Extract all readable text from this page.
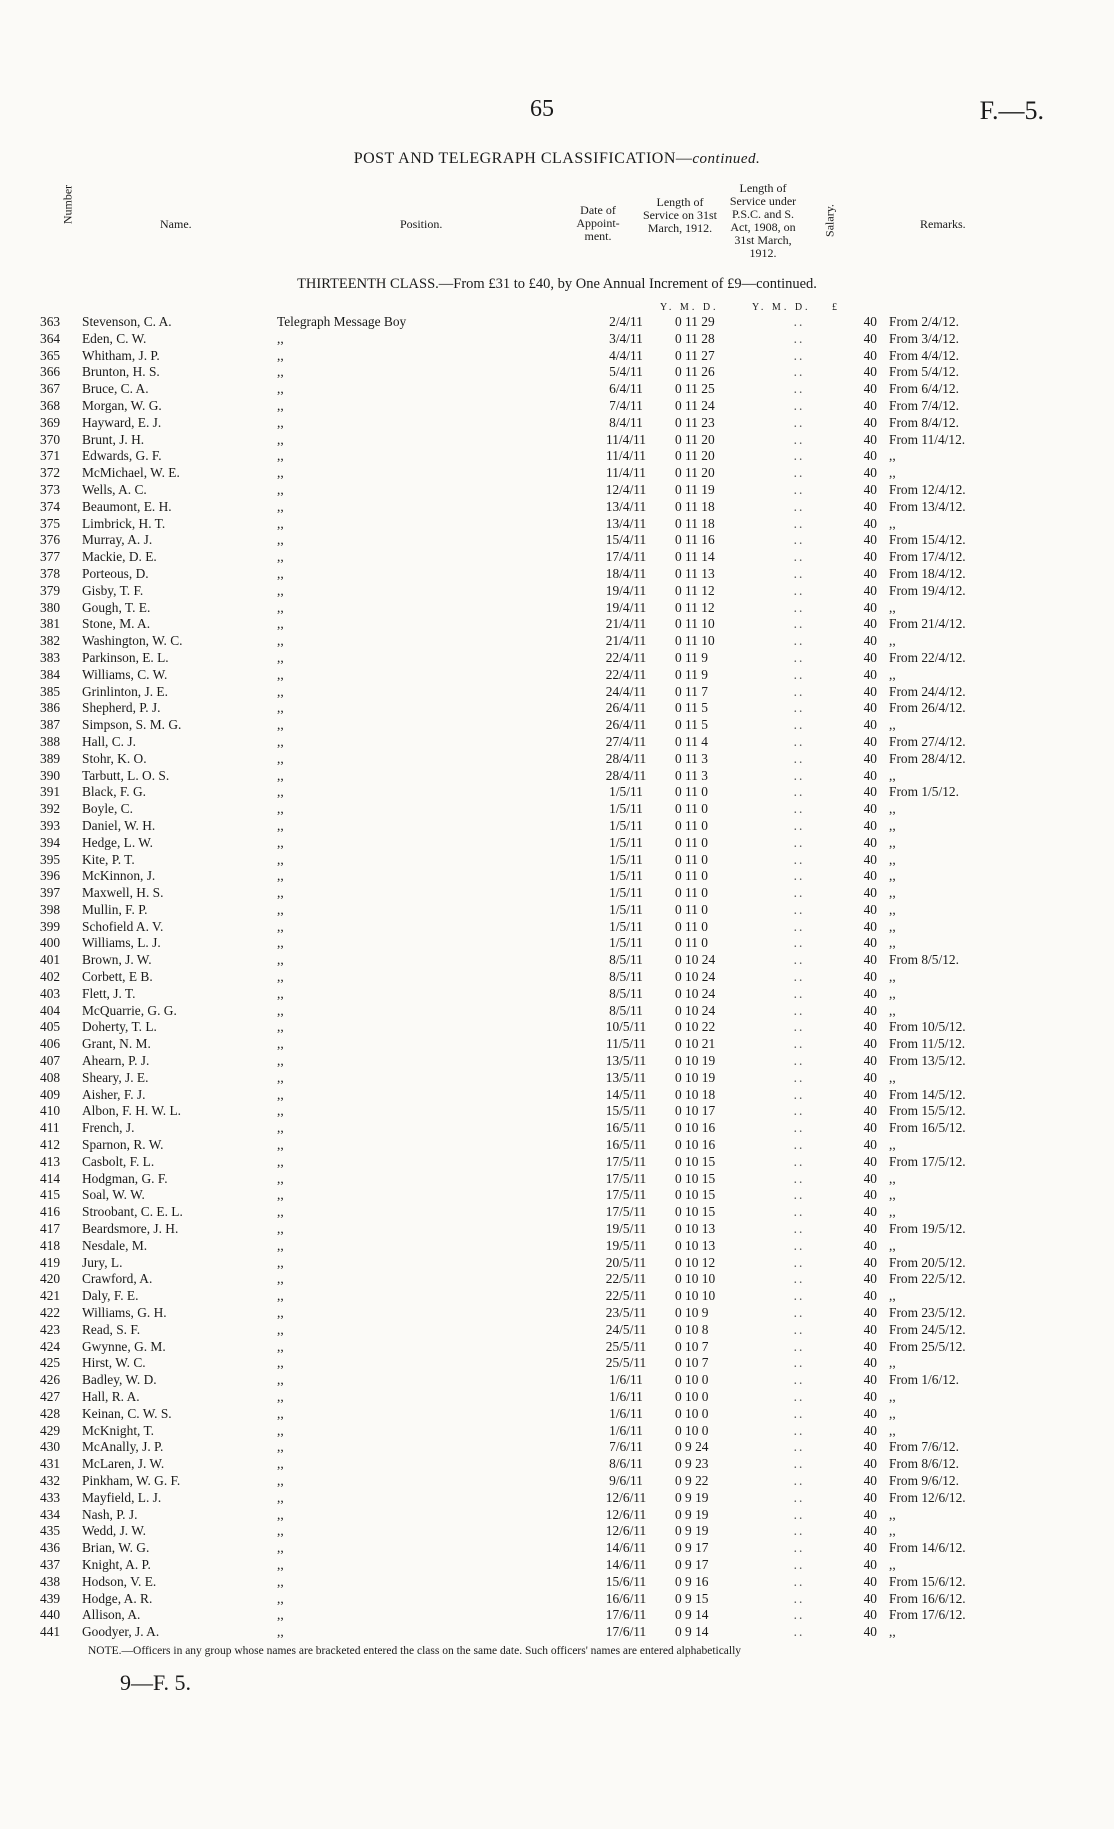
65	F.—5.
POST AND TELEGRAPH CLASSIFICATION—continued.
Number	Name.	Position.
Date of Appoint-ment.
Length of Service on 31st March, 1912.
Length of Service under P.S.C. and S. Act, 1908, on 31st March, 1912.
Salary.	Remarks.
THIRTEENTH CLASS.—From £31 to £40, by One Annual Increment of £9—continued.
Y. M. D.	Y. M. D. £
363	Stevenson, C. A.	Telegraph Message Boy	2/4/11	0 11 29	..	40	From 2/4/12.
364	Eden, C. W.	,,	3/4/11	0 11 28	..	40	From 3/4/12.
365	Whitham, J. P.	,,	4/4/11	0 11 27	..	40	From 4/4/12.
366	Brunton, H. S.	,,	5/4/11	0 11 26	..	40	From 5/4/12.
367	Bruce, C. A.	,,	6/4/11	0 11 25	..	40	From 6/4/12.
368	Morgan, W. G.	,,	7/4/11	0 11 24	..	40	From 7/4/12.
369	Hayward, E. J.	,,	8/4/11	0 11 23	..	40	From 8/4/12.
370	Brunt, J. H.	,,	11/4/11	0 11 20	..	40	From 11/4/12.
371	Edwards, G. F.	,,	11/4/11	0 11 20	..	40	,,
372	McMichael, W. E.	,,	11/4/11	0 11 20	..	40	,,
373	Wells, A. C.	,,	12/4/11	0 11 19	..	40	From 12/4/12.
374	Beaumont, E. H.	,,	13/4/11	0 11 18	..	40	From 13/4/12.
375	Limbrick, H. T.	,,	13/4/11	0 11 18	..	40	,,
376	Murray, A. J.	,,	15/4/11	0 11 16	..	40	From 15/4/12.
377	Mackie, D. E.	,,	17/4/11	0 11 14	..	40	From 17/4/12.
378	Porteous, D.	,,	18/4/11	0 11 13	..	40	From 18/4/12.
379	Gisby, T. F.	,,	19/4/11	0 11 12	..	40	From 19/4/12.
380	Gough, T. E.	,,	19/4/11	0 11 12	..	40	,,
381	Stone, M. A.	,,	21/4/11	0 11 10	..	40	From 21/4/12.
382	Washington, W. C.	,,	21/4/11	0 11 10	..	40	,,
383	Parkinson, E. L.	,,	22/4/11	0 11 9	..	40	From 22/4/12.
384	Williams, C. W.	,,	22/4/11	0 11 9	..	40	,,
385	Grinlinton, J. E.	,,	24/4/11	0 11 7	..	40	From 24/4/12.
386	Shepherd, P. J.	,,	26/4/11	0 11 5	..	40	From 26/4/12.
387	Simpson, S. M. G.	,,	26/4/11	0 11 5	..	40	,,
388	Hall, C. J.	,,	27/4/11	0 11 4	..	40	From 27/4/12.
389	Stohr, K. O.	,,	28/4/11	0 11 3	..	40	From 28/4/12.
390	Tarbutt, L. O. S.	,,	28/4/11	0 11 3	..	40	,,
391	Black, F. G.	,,	1/5/11	0 11 0	..	40	From 1/5/12.
392	Boyle, C.	,,	1/5/11	0 11 0	..	40	,,
393	Daniel, W. H.	,,	1/5/11	0 11 0	..	40	,,
394	Hedge, L. W.	,,	1/5/11	0 11 0	..	40	,,
395	Kite, P. T.	,,	1/5/11	0 11 0	..	40	,,
396	McKinnon, J.	,,	1/5/11	0 11 0	..	40	,,
397	Maxwell, H. S.	,,	1/5/11	0 11 0	..	40	,,
398	Mullin, F. P.	,,	1/5/11	0 11 0	..	40	,,
399	Schofield A. V.	,,	1/5/11	0 11 0	..	40	,,
400	Williams, L. J.	,,	1/5/11	0 11 0	..	40	,,
401	Brown, J. W.	,,	8/5/11	0 10 24	..	40	From 8/5/12.
402	Corbett, E B.	,,	8/5/11	0 10 24	..	40	,,
403	Flett, J. T.	,,	8/5/11	0 10 24	..	40	,,
404	McQuarrie, G. G.	,,	8/5/11	0 10 24	..	40	,,
405	Doherty, T. L.	,,	10/5/11	0 10 22	..	40	From 10/5/12.
406	Grant, N. M.	,,	11/5/11	0 10 21	..	40	From 11/5/12.
407	Ahearn, P. J.	,,	13/5/11	0 10 19	..	40	From 13/5/12.
408	Sheary, J. E.	,,	13/5/11	0 10 19	..	40	,,
409	Aisher, F. J.	,,	14/5/11	0 10 18	..	40	From 14/5/12.
410	Albon, F. H. W. L.	,,	15/5/11	0 10 17	..	40	From 15/5/12.
411	French, J.	,,	16/5/11	0 10 16	..	40	From 16/5/12.
412	Sparnon, R. W.	,,	16/5/11	0 10 16	..	40	,,
413	Casbolt, F. L.	,,	17/5/11	0 10 15	..	40	From 17/5/12.
414	Hodgman, G. F.	,,	17/5/11	0 10 15	..	40	,,
415	Soal, W. W.	,,	17/5/11	0 10 15	..	40	,,
416	Stroobant, C. E. L.	,,	17/5/11	0 10 15	..	40	,,
417	Beardsmore, J. H.	,,	19/5/11	0 10 13	..	40	From 19/5/12.
418	Nesdale, M.	,,	19/5/11	0 10 13	..	40	,,
419	Jury, L.	,,	20/5/11	0 10 12	..	40	From 20/5/12.
420	Crawford, A.	,,	22/5/11	0 10 10	..	40	From 22/5/12.
421	Daly, F. E.	,,	22/5/11	0 10 10	..	40	,,
422	Williams, G. H.	,,	23/5/11	0 10 9	..	40	From 23/5/12.
423	Read, S. F.	,,	24/5/11	0 10 8	..	40	From 24/5/12.
424	Gwynne, G. M.	,,	25/5/11	0 10 7	..	40	From 25/5/12.
425	Hirst, W. C.	,,	25/5/11	0 10 7	..	40	,,
426	Badley, W. D.	,,	1/6/11	0 10 0	..	40	From 1/6/12.
427	Hall, R. A.	,,	1/6/11	0 10 0	..	40	,,
428	Keinan, C. W. S.	,,	1/6/11	0 10 0	..	40	,,
429	McKnight, T.	,,	1/6/11	0 10 0	..	40	,,
430	McAnally, J. P.	,,	7/6/11	0 9 24	..	40	From 7/6/12.
431	McLaren, J. W.	,,	8/6/11	0 9 23	..	40	From 8/6/12.
432	Pinkham, W. G. F.	,,	9/6/11	0 9 22	..	40	From 9/6/12.
433	Mayfield, L. J.	,,	12/6/11	0 9 19	..	40	From 12/6/12.
434	Nash, P. J.	,,	12/6/11	0 9 19	..	40	,,
435	Wedd, J. W.	,,	12/6/11	0 9 19	..	40	,,
436	Brian, W. G.	,,	14/6/11	0 9 17	..	40	From 14/6/12.
437	Knight, A. P.	,,	14/6/11	0 9 17	..	40	,,
438	Hodson, V. E.	,,	15/6/11	0 9 16	..	40	From 15/6/12.
439	Hodge, A. R.	,,	16/6/11	0 9 15	..	40	From 16/6/12.
440	Allison, A.	,,	17/6/11	0 9 14	..	40	From 17/6/12.
441	Goodyer, J. A.	,,	17/6/11	0 9 14	..	40	,,
NOTE.—Officers in any group whose names are bracketed entered the class on the same date. Such officers' names are entered alphabetically
9—F. 5.
